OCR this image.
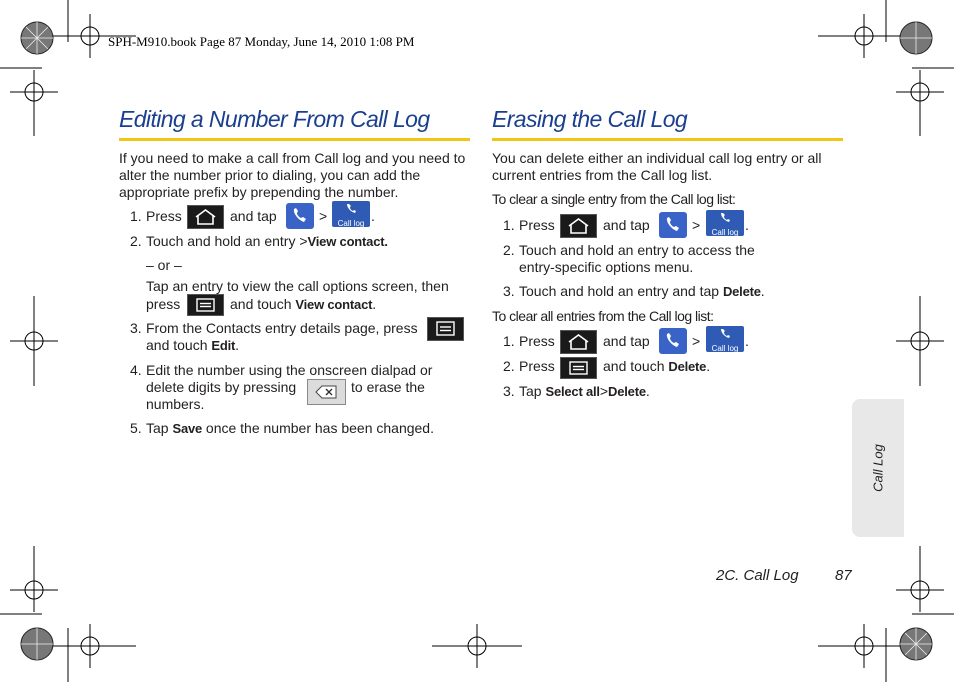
SPH-M910.book Page 87 Monday, June 14, 2010 1:08 PM
Editing a Number From Call Log
If you need to make a call from Call log and you need to alter the number prior to dialing, you can add the appropriate prefix by prepending the number.
1. Press	and tap	>	Call log .
2. Touch and hold an entry >View contact.
– or –
Tap an entry to view the call options screen, then
press	and touch View contact.
3. From the Contacts entry details page, press
and touch Edit.
4. Edit the number using the onscreen dialpad or
delete digits by pressing	to erase the
numbers.
5. Tap Save once the number has been changed.
Erasing the Call Log
You can delete either an individual call log entry or all current entries from the Call log list.
To clear a single entry from the Call log list:
1. Press	and tap	>	Call log .
2. Touch and hold an entry to access the
entry-specific options menu.
3. Touch and hold an entry and tap Delete.
To clear all entries from the Call log list:
1. Press	and tap	>	Call log .
2. Press	and touch Delete.
3. Tap Select all>Delete.
Call Log
2C. Call Log 87
